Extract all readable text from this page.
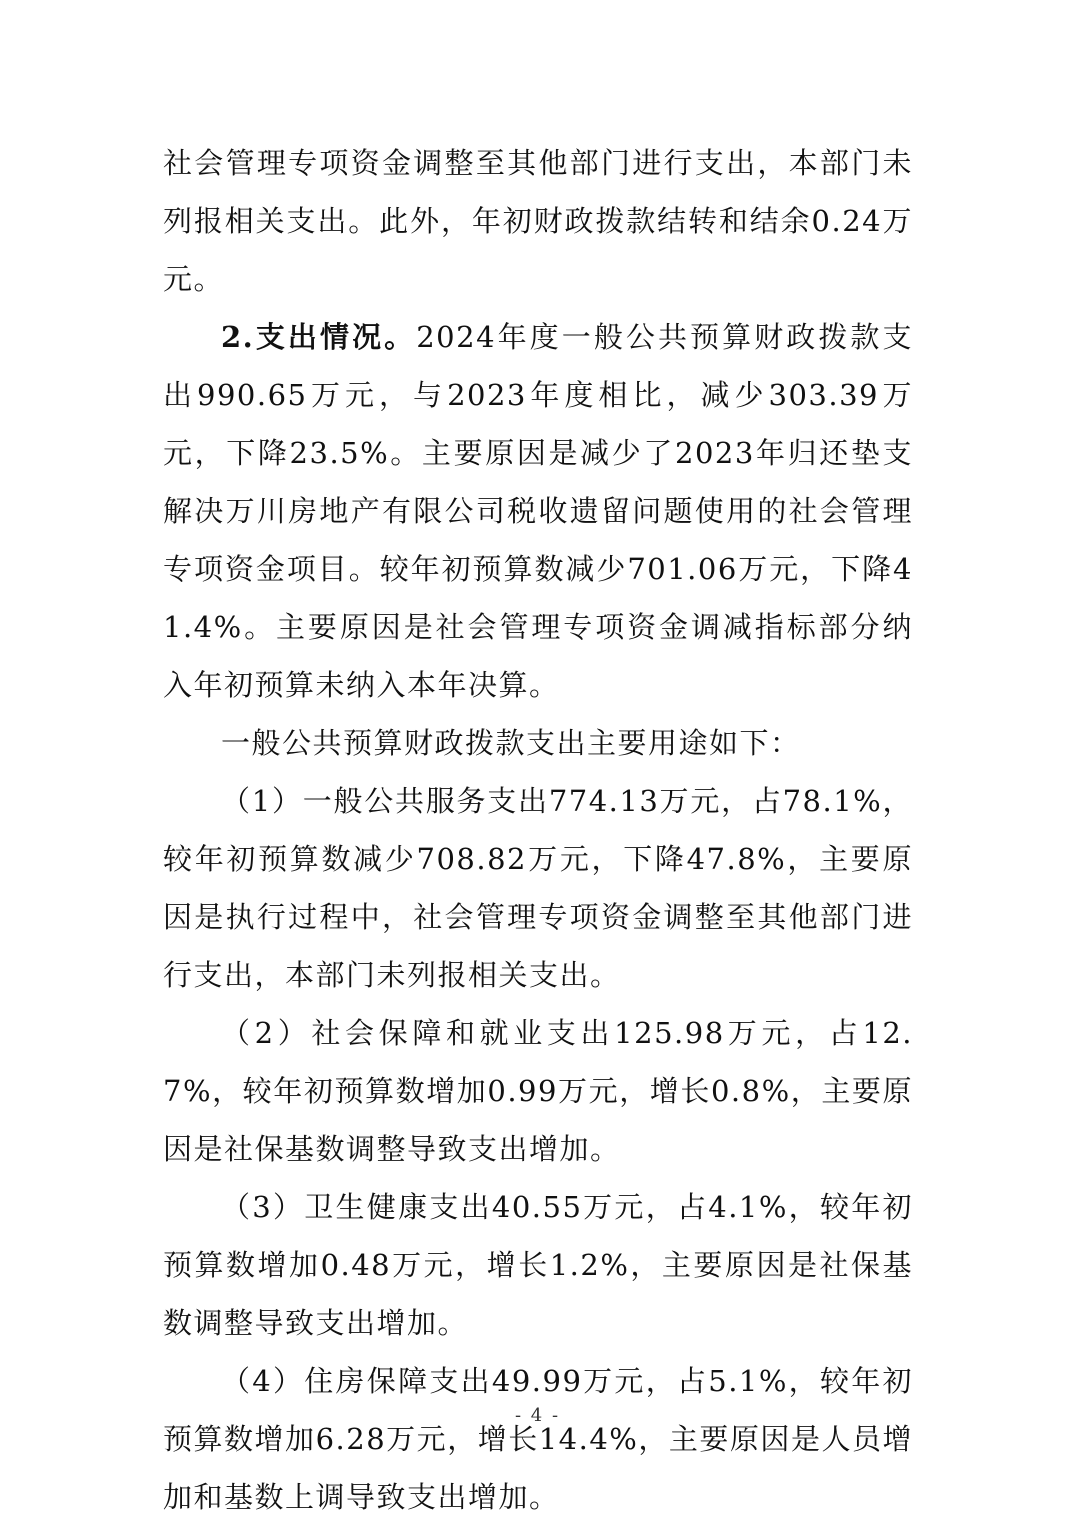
社会管理专项资金调整至其他部门进行支出，本部门未列报相关支出。此外，年初财政拨款结转和结余0.24万元。

2.支出情况。2024年度一般公共预算财政拨款支出990.65万元，与2023年度相比，减少303.39万元，下降23.5%。主要原因是减少了2023年归还垫支解决万川房地产有限公司税收遗留问题使用的社会管理专项资金项目。较年初预算数减少701.06万元，下降41.4%。主要原因是社会管理专项资金调减指标部分纳入年初预算未纳入本年决算。

一般公共预算财政拨款支出主要用途如下：

（1）一般公共服务支出774.13万元，占78.1%，较年初预算数减少708.82万元，下降47.8%，主要原因是执行过程中，社会管理专项资金调整至其他部门进行支出，本部门未列报相关支出。

（2）社会保障和就业支出125.98万元，占12.7%，较年初预算数增加0.99万元，增长0.8%，主要原因是社保基数调整导致支出增加。

（3）卫生健康支出40.55万元，占4.1%，较年初预算数增加0.48万元，增长1.2%，主要原因是社保基数调整导致支出增加。

（4）住房保障支出49.99万元，占5.1%，较年初预算数增加6.28万元，增长14.4%，主要原因是人员增加和基数上调导致支出增加。

- 4 -
